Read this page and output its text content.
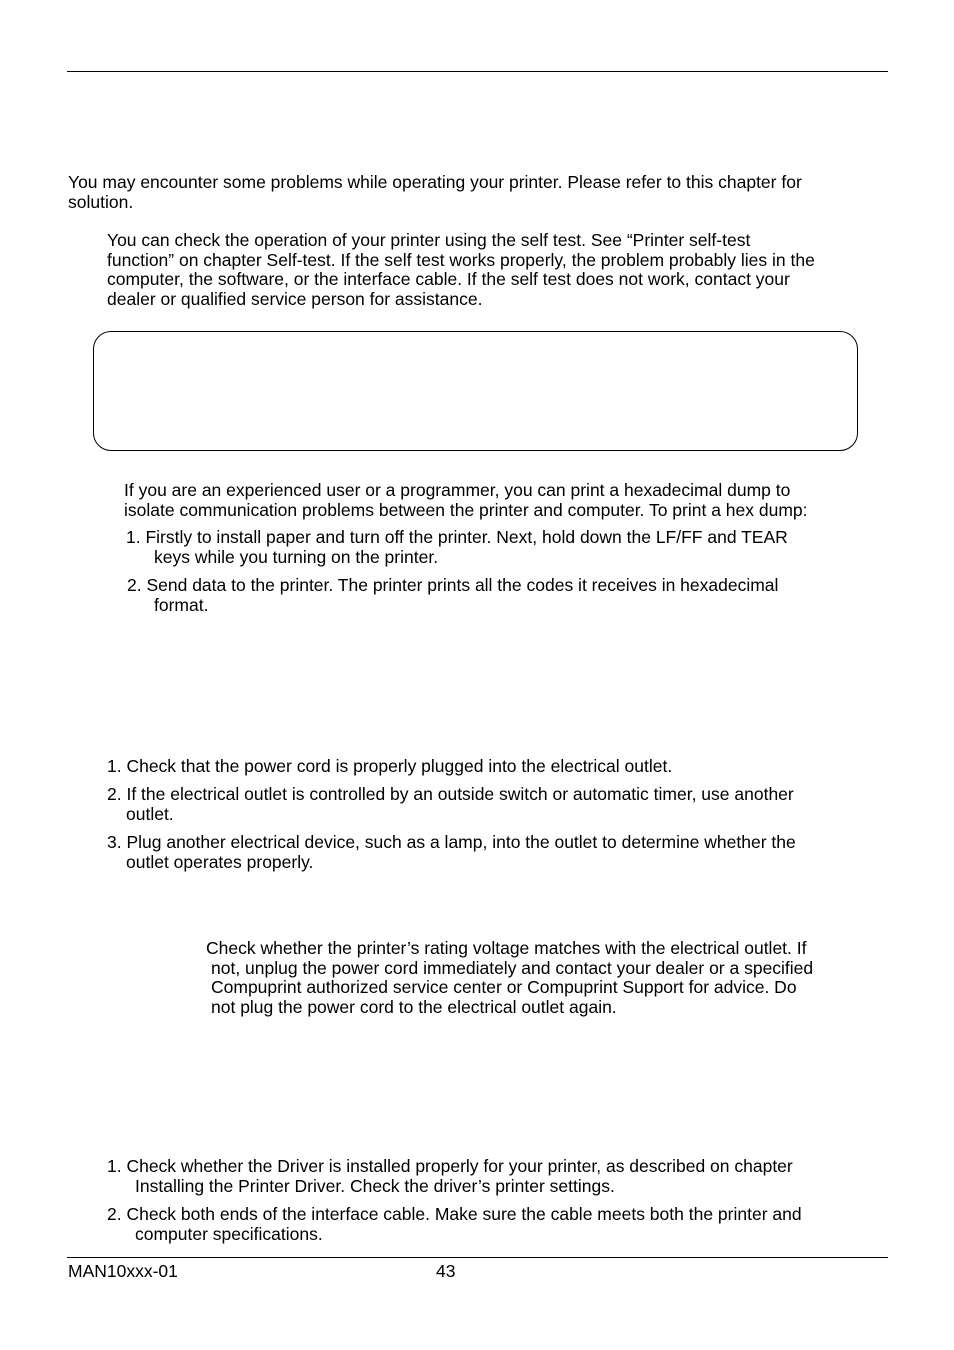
You may encounter some problems while operating your printer. Please refer to this chapter for
solution.
You can check the operation of your printer using the self test. See “Printer self-test
function” on chapter Self-test. If the self test works properly, the problem probably lies in the
computer, the software, or the interface cable. If the self test does not work, contact your
dealer or qualified service person for assistance.
If you are an experienced user or a programmer, you can print a hexadecimal dump to
isolate communication problems between the printer and computer. To print a hex dump:
1. Firstly to install paper and turn off the printer. Next, hold down the LF/FF and TEAR
keys while you turning on the printer.
2. Send data to the printer. The printer prints all the codes it receives in hexadecimal
format.
1. Check that the power cord is properly plugged into the electrical outlet.
2. If the electrical outlet is controlled by an outside switch or automatic timer, use another
outlet.
3. Plug another electrical device, such as a lamp, into the outlet to determine whether the
outlet operates properly.
Check whether the printer’s rating voltage matches with the electrical outlet. If
not, unplug the power cord immediately and contact your dealer or a specified
Compuprint authorized service center or Compuprint Support for advice. Do
not plug the power cord to the electrical outlet again.
1. Check whether the Driver is installed properly for your printer, as described on chapter
Installing the Printer Driver. Check the driver’s printer settings.
2. Check both ends of the interface cable. Make sure the cable meets both the printer and
computer specifications.
MAN10xxx-01	43
